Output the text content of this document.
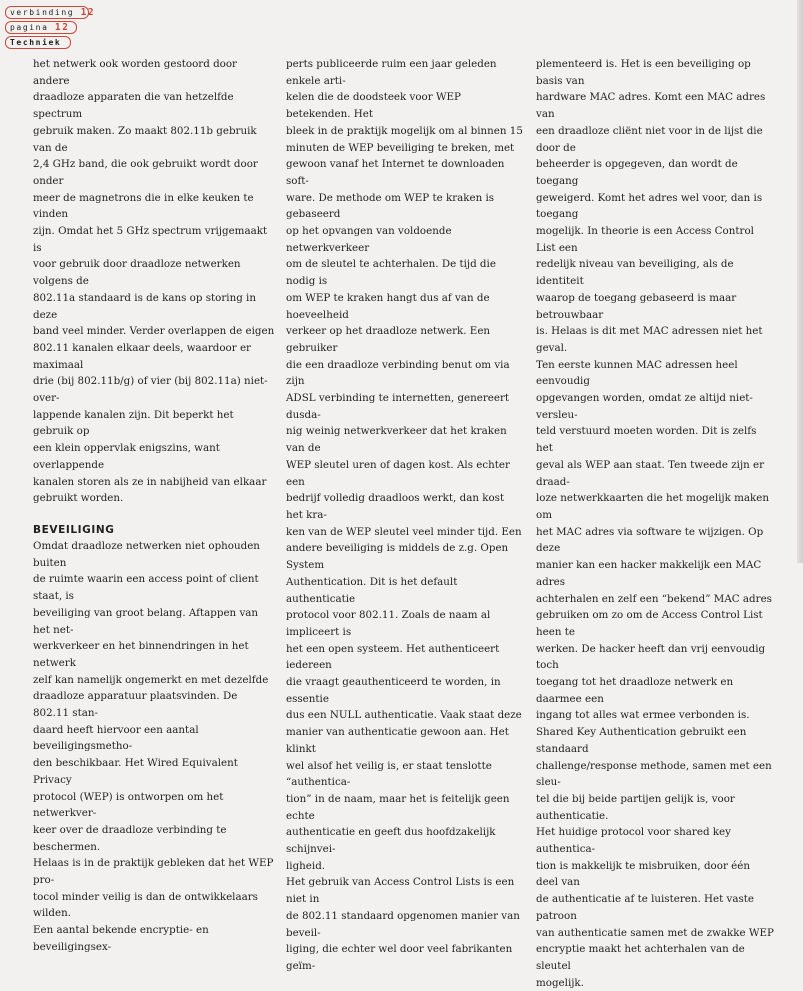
verbinding 12
pagina 12
Techniek

het netwerk ook worden gestoord door andere
draadloze apparaten die van hetzelfde spectrum
gebruik maken. Zo maakt 802.11b gebruik van de
2,4 GHz band, die ook gebruikt wordt door onder
meer de magnetrons die in elke keuken te vinden
zijn. Omdat het 5 GHz spectrum vrijgemaakt is
voor gebruik door draadloze netwerken volgens de
802.11a standaard is de kans op storing in deze
band veel minder. Verder overlappen de eigen
802.11 kanalen elkaar deels, waardoor er maximaal
drie (bij 802.11b/g) of vier (bij 802.11a) niet-over-
lappende kanalen zijn. Dit beperkt het gebruik op
een klein oppervlak enigszins, want overlappende
kanalen storen als ze in nabijheid van elkaar
gebruikt worden.

BEVEILIGING

Omdat draadloze netwerken niet ophouden buiten
de ruimte waarin een access point of client staat, is
beveiliging van groot belang. Aftappen van het net-
werkverkeer en het binnendringen in het netwerk
zelf kan namelijk ongemerkt en met dezelfde
draadloze apparatuur plaatsvinden. De 802.11 stan-
daard heeft hiervoor een aantal beveiligingsmetho-
den beschikbaar. Het Wired Equivalent Privacy
protocol (WEP) is ontworpen om het netwerkver-
keer over de draadloze verbinding te beschermen.
Helaas is in de praktijk gebleken dat het WEP pro-
tocol minder veilig is dan de ontwikkelaars wilden.
Een aantal bekende encryptie- en beveiligingsex-

perts publiceerde ruim een jaar geleden enkele arti-
kelen die de doodsteek voor WEP betekenden. Het
bleek in de praktijk mogelijk om al binnen 15
minuten de WEP beveiliging te breken, met
gewoon vanaf het Internet te downloaden soft-
ware. De methode om WEP te kraken is gebaseerd
op het opvangen van voldoende netwerkverkeer
om de sleutel te achterhalen. De tijd die nodig is
om WEP te kraken hangt dus af van de hoeveelheid
verkeer op het draadloze netwerk. Een gebruiker
die een draadloze verbinding benut om via zijn
ADSL verbinding te internetten, genereert dusda-
nig weinig netwerkverkeer dat het kraken van de
WEP sleutel uren of dagen kost. Als echter een
bedrijf volledig draadloos werkt, dan kost het kra-
ken van de WEP sleutel veel minder tijd. Een
andere beveiliging is middels de z.g. Open System
Authentication. Dit is het default authenticatie
protocol voor 802.11. Zoals de naam al impliceert is
het een open systeem. Het authenticeert iedereen
die vraagt geauthenticeerd te worden, in essentie
dus een NULL authenticatie. Vaak staat deze
manier van authenticatie gewoon aan. Het klinkt
wel alsof het veilig is, er staat tenslotte “authentica-
tion” in de naam, maar het is feitelijk geen echte
authenticatie en geeft dus hoofdzakelijk schijnvei-
ligheid.

Het gebruik van Access Control Lists is een niet in
de 802.11 standaard opgenomen manier van beveil-
liging, die echter wel door veel fabrikanten geïm-

plementeerd is. Het is een beveiliging op basis van
hardware MAC adres. Komt een MAC adres van
een draadloze cliënt niet voor in de lijst die door de
beheerder is opgegeven, dan wordt de toegang
geweigerd. Komt het adres wel voor, dan is toegang
mogelijk. In theorie is een Access Control List een
redelijk niveau van beveiliging, als de identiteit
waarop de toegang gebaseerd is maar betrouwbaar
is. Helaas is dit met MAC adressen niet het geval.
Ten eerste kunnen MAC adressen heel eenvoudig
opgevangen worden, omdat ze altijd niet-versleu-
teld verstuurd moeten worden. Dit is zelfs het
geval als WEP aan staat. Ten tweede zijn er draad-
loze netwerkkaarten die het mogelijk maken om
het MAC adres via software te wijzigen. Op deze
manier kan een hacker makkelijk een MAC adres
achterhalen en zelf een “bekend” MAC adres
gebruiken om zo om de Access Control List heen te
werken. De hacker heeft dan vrij eenvoudig toch
toegang tot het draadloze netwerk en daarmee een
ingang tot alles wat ermee verbonden is.

Shared Key Authentication gebruikt een standaard
challenge/response methode, samen met een sleu-
tel die bij beide partijen gelijk is, voor authenticatie.
Het huidige protocol voor shared key authentica-
tion is makkelijk te misbruiken, door één deel van
de authenticatie af te luisteren. Het vaste patroon
van authenticatie samen met de zwakke WEP
encryptie maakt het achterhalen van de sleutel
mogelijk.
